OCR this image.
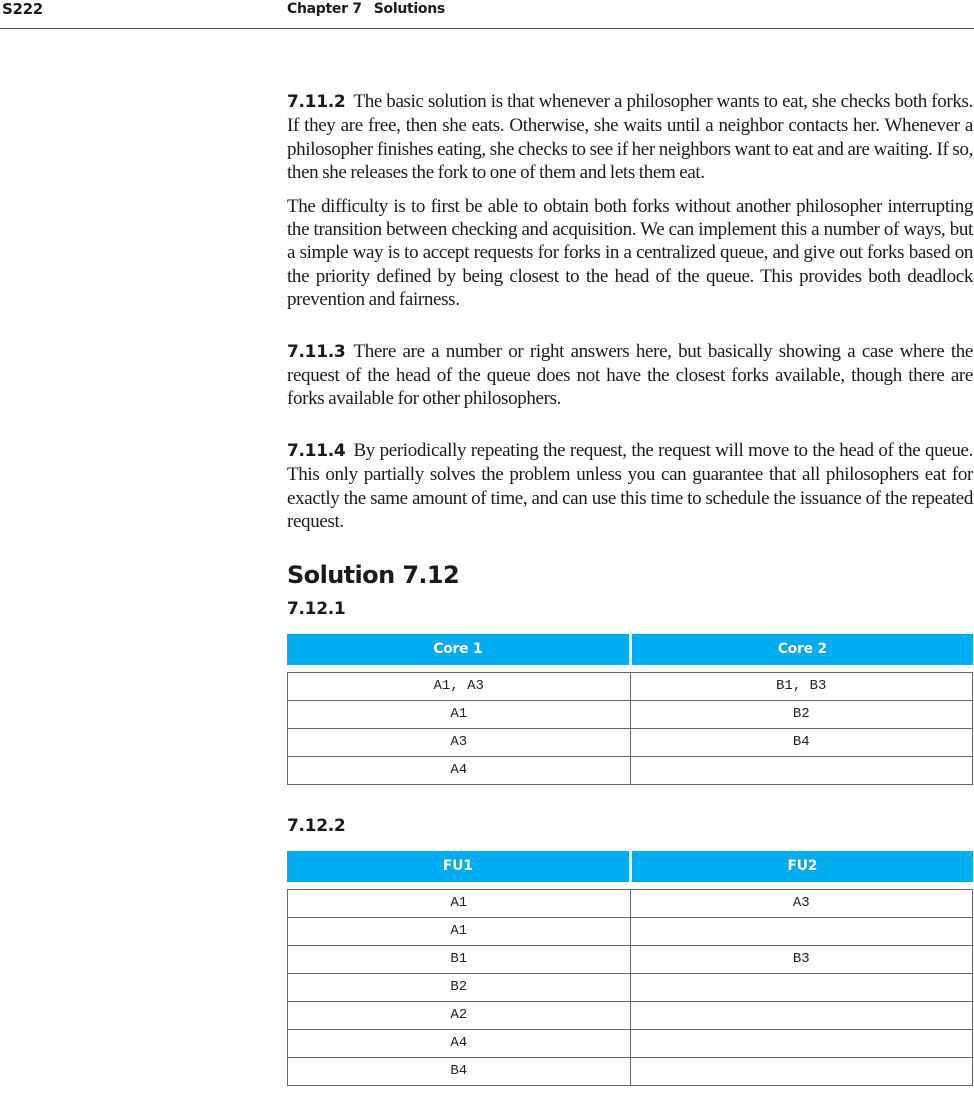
S222	Chapter 7 Solutions

7.11.2 The basic solution is that whenever a philosopher wants to eat, she checks both forks. If they are free, then she eats. Otherwise, she waits until a neighbor contacts her. Whenever a philosopher finishes eating, she checks to see if her neighbors want to eat and are waiting. If so, then she releases the fork to one of them and lets them eat.

The difficulty is to first be able to obtain both forks without another philosopher interrupting the transition between checking and acquisition. We can implement this a number of ways, but a simple way is to accept requests for forks in a centralized queue, and give out forks based on the priority defined by being closest to the head of the queue. This provides both deadlock prevention and fairness.

7.11.3 There are a number or right answers here, but basically showing a case where the request of the head of the queue does not have the closest forks available, though there are forks available for other philosophers.

7.11.4 By periodically repeating the request, the request will move to the head of the queue. This only partially solves the problem unless you can guarantee that all philosophers eat for exactly the same amount of time, and can use this time to schedule the issuance of the repeated request.

Solution 7.12
7.12.1
Core 1	Core 2
A1, A3	B1, B3
A1	B2
A3	B4
A4	
7.12.2
FU1	FU2
A1	A3
A1	
B1	B3
B2	
A2	
A4	
B4	
